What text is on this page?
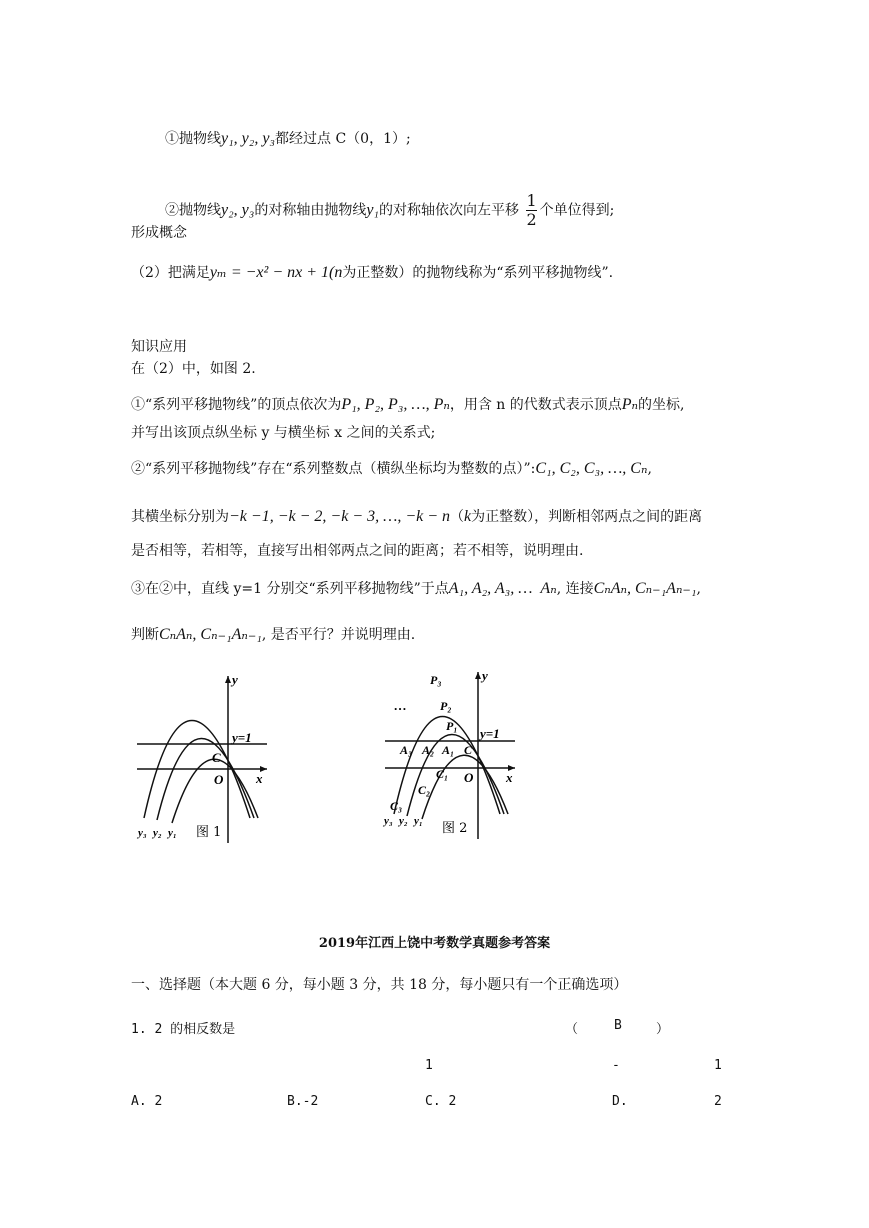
①抛物线y₁, y₂, y₃都经过点 C（0，1）;
②抛物线y₂, y₃的对称轴由抛物线y₁的对称轴依次向左平移 $\frac{1}{2}$ 个单位得到;
形成概念
（2）把满足yₘ = −x² − nx + 1(n为正整数）的抛物线称为“系列平移抛物线”.
知识应用
在（2）中，如图 2.
①“系列平移抛物线”的顶点依次为P₁, P₂, P₃, …, Pₙ，用含 n 的代数式表示顶点Pₙ的坐标,
并写出该顶点纵坐标 y 与横坐标 x 之间的关系式;
②“系列平移抛物线”存在“系列整数点（横纵坐标均为整数的点）”:C₁, C₂, C₃, …, Cₙ,
其横坐标分别为−k −1, −k − 2, −k − 3, …, −k − n（k为正整数），判断相邻两点之间的距离
是否相等，若相等，直接写出相邻两点之间的距离；若不相等，说明理由.
③在②中，直线 y=1 分别交“系列平移抛物线”于点A₁, A₂, A₃, … Aₙ, 连接CₙAₙ, Cₙ₋₁Aₙ₋₁,
判断CₙAₙ, Cₙ₋₁Aₙ₋₁, 是否平行？并说明理由.
y=1
y
x
C
O
y₃ y₂ y₁ 图 1
…
P₃
P₂
P₁
A₃ A₂ A₁ C
y=1
y
x
O
C₁
C₂
C₃
y₃ y₂ y₁ 图 2
2019年江西上饶中考数学真题参考答案
一、选择题（本大题 6 分，每小题 3 分，共 18 分，每小题只有一个正确选项）
1. 2 的相反数是	（	B	）
1	-	1
A. 2	B.-2	C. 2	D.	2
